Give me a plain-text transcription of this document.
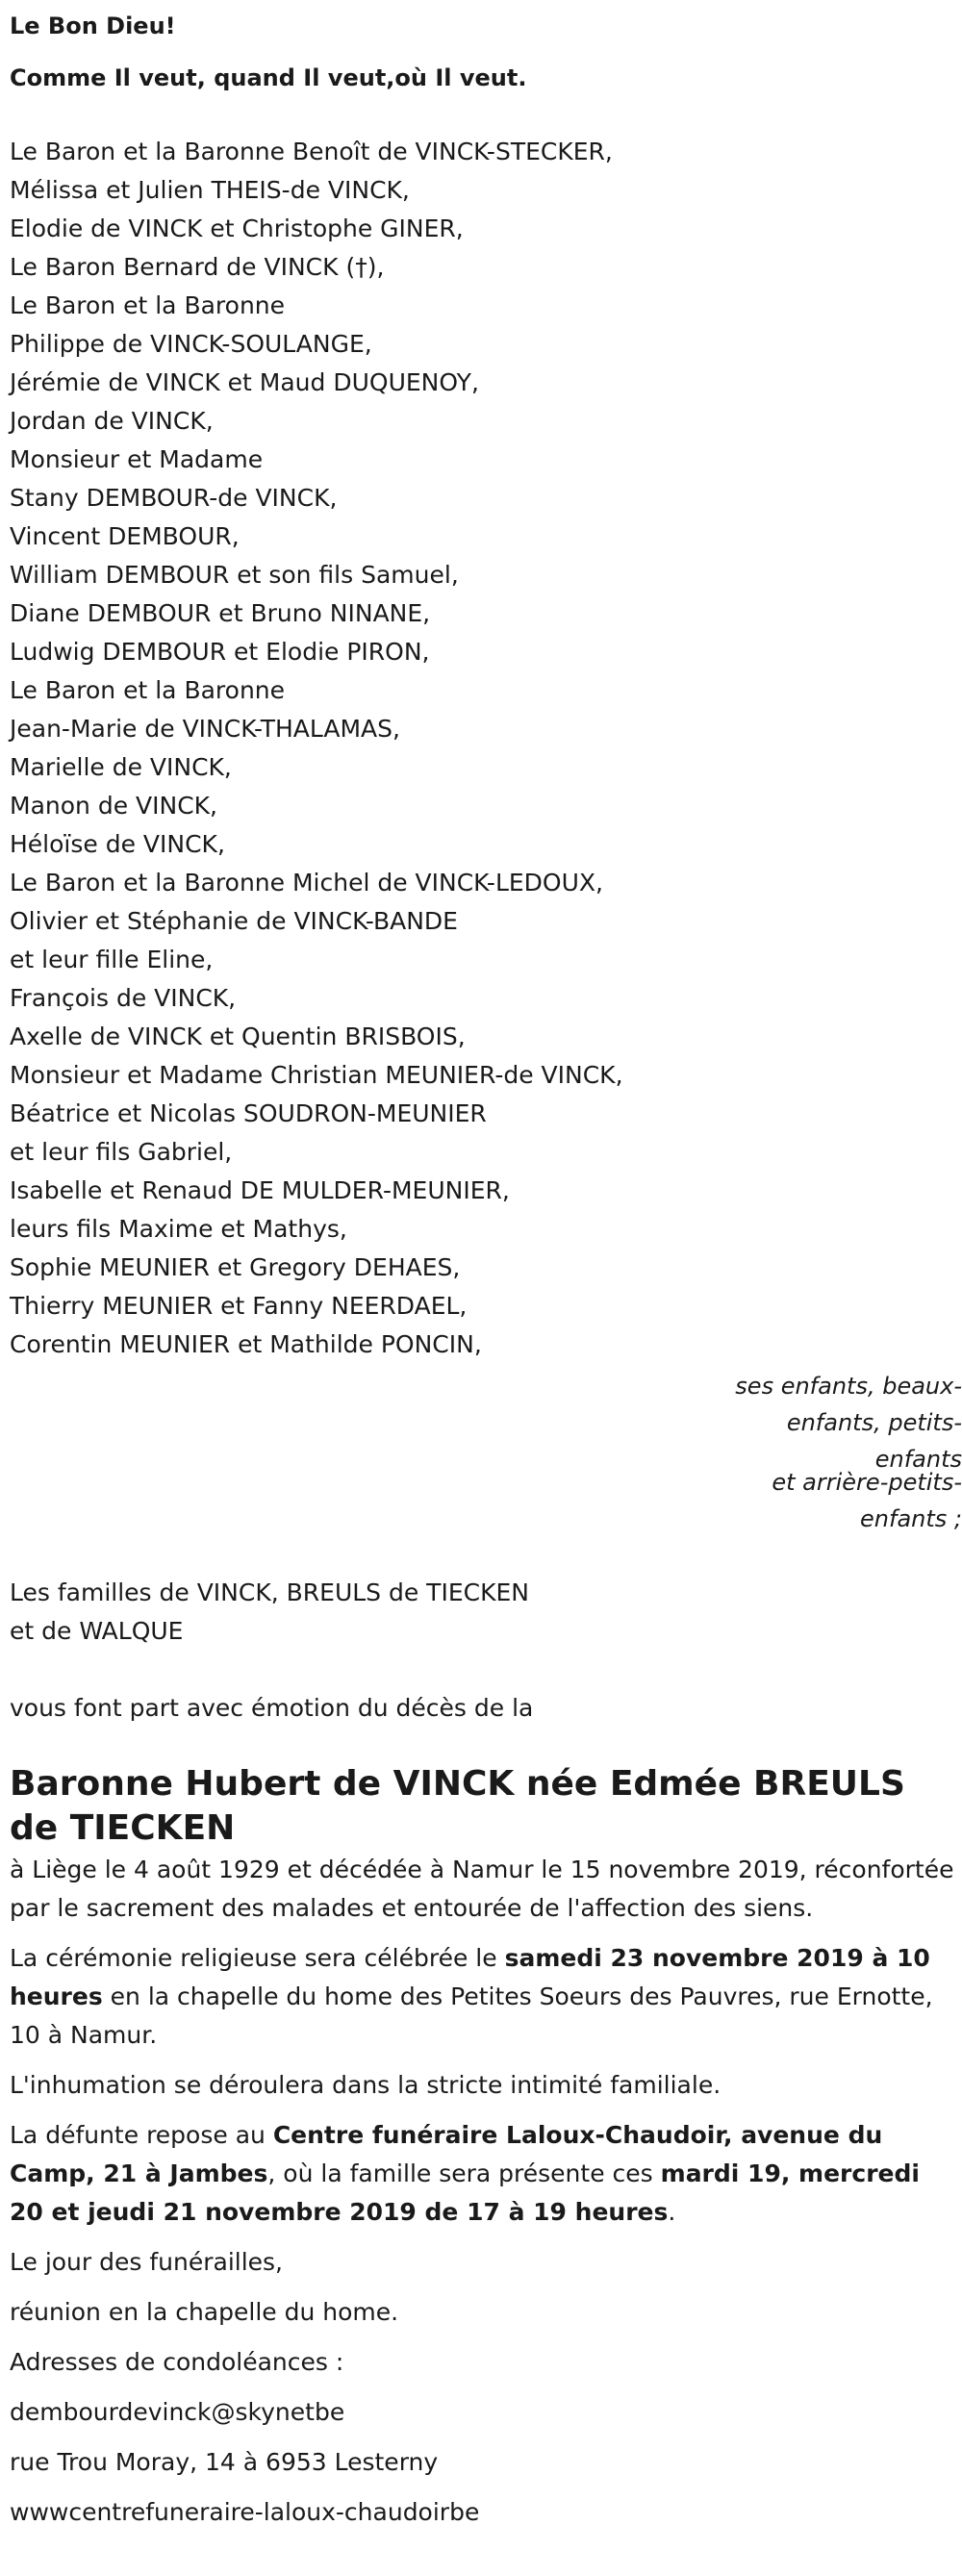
Le Bon Dieu!

Comme Il veut, quand Il veut,où Il veut.

Le Baron et la Baronne Benoît de VINCK-STECKER,

Mélissa et Julien THEIS-de VINCK,

Elodie de VINCK et Christophe GINER,

Le Baron Bernard de VINCK (†),

Le Baron et la Baronne

Philippe de VINCK-SOULANGE,

Jérémie de VINCK et Maud DUQUENOY,

Jordan de VINCK,

Monsieur et Madame

Stany DEMBOUR-de VINCK,

Vincent DEMBOUR,

William DEMBOUR et son fils Samuel,

Diane DEMBOUR et Bruno NINANE,

Ludwig DEMBOUR et Elodie PIRON,

Le Baron et la Baronne

Jean-Marie de VINCK-THALAMAS,

Marielle de VINCK,

Manon de VINCK,

Héloïse de VINCK,

Le Baron et la Baronne Michel de VINCK-LEDOUX,

Olivier et Stéphanie de VINCK-BANDE

et leur fille Eline,

François de VINCK,

Axelle de VINCK et Quentin BRISBOIS,

Monsieur et Madame Christian MEUNIER-de VINCK,

Béatrice et Nicolas SOUDRON-MEUNIER

et leur fils Gabriel,

Isabelle et Renaud DE MULDER-MEUNIER,

leurs fils Maxime et Mathys,

Sophie MEUNIER et Gregory DEHAES,

Thierry MEUNIER et Fanny NEERDAEL,

Corentin MEUNIER et Mathilde PONCIN,

ses enfants, beaux-enfants, petits-enfants

et arrière-petits-enfants ;

Les familles de VINCK, BREULS de TIECKEN

et de WALQUE

vous font part avec émotion du décès de la

Baronne Hubert de VINCK née Edmée BREULS de TIECKEN

à Liège le 4 août 1929 et décédée à Namur le 15 novembre 2019, réconfortée par le sacrement des malades et entourée de l'affection des siens.

La cérémonie religieuse sera célébrée le samedi 23 novembre 2019 à 10 heures en la chapelle du home des Petites Soeurs des Pauvres, rue Ernotte, 10 à Namur.

L'inhumation se déroulera dans la stricte intimité familiale.

La défunte repose au Centre funéraire Laloux-Chaudoir, avenue du Camp, 21 à Jambes, où la famille sera présente ces mardi 19, mercredi 20 et jeudi 21 novembre 2019 de 17 à 19 heures.

Le jour des funérailles,

réunion en la chapelle du home.

Adresses de condoléances :

dembourdevinck@skynetbe

rue Trou Moray, 14 à 6953 Lesterny

wwwcentrefuneraire-laloux-chaudoirbe
